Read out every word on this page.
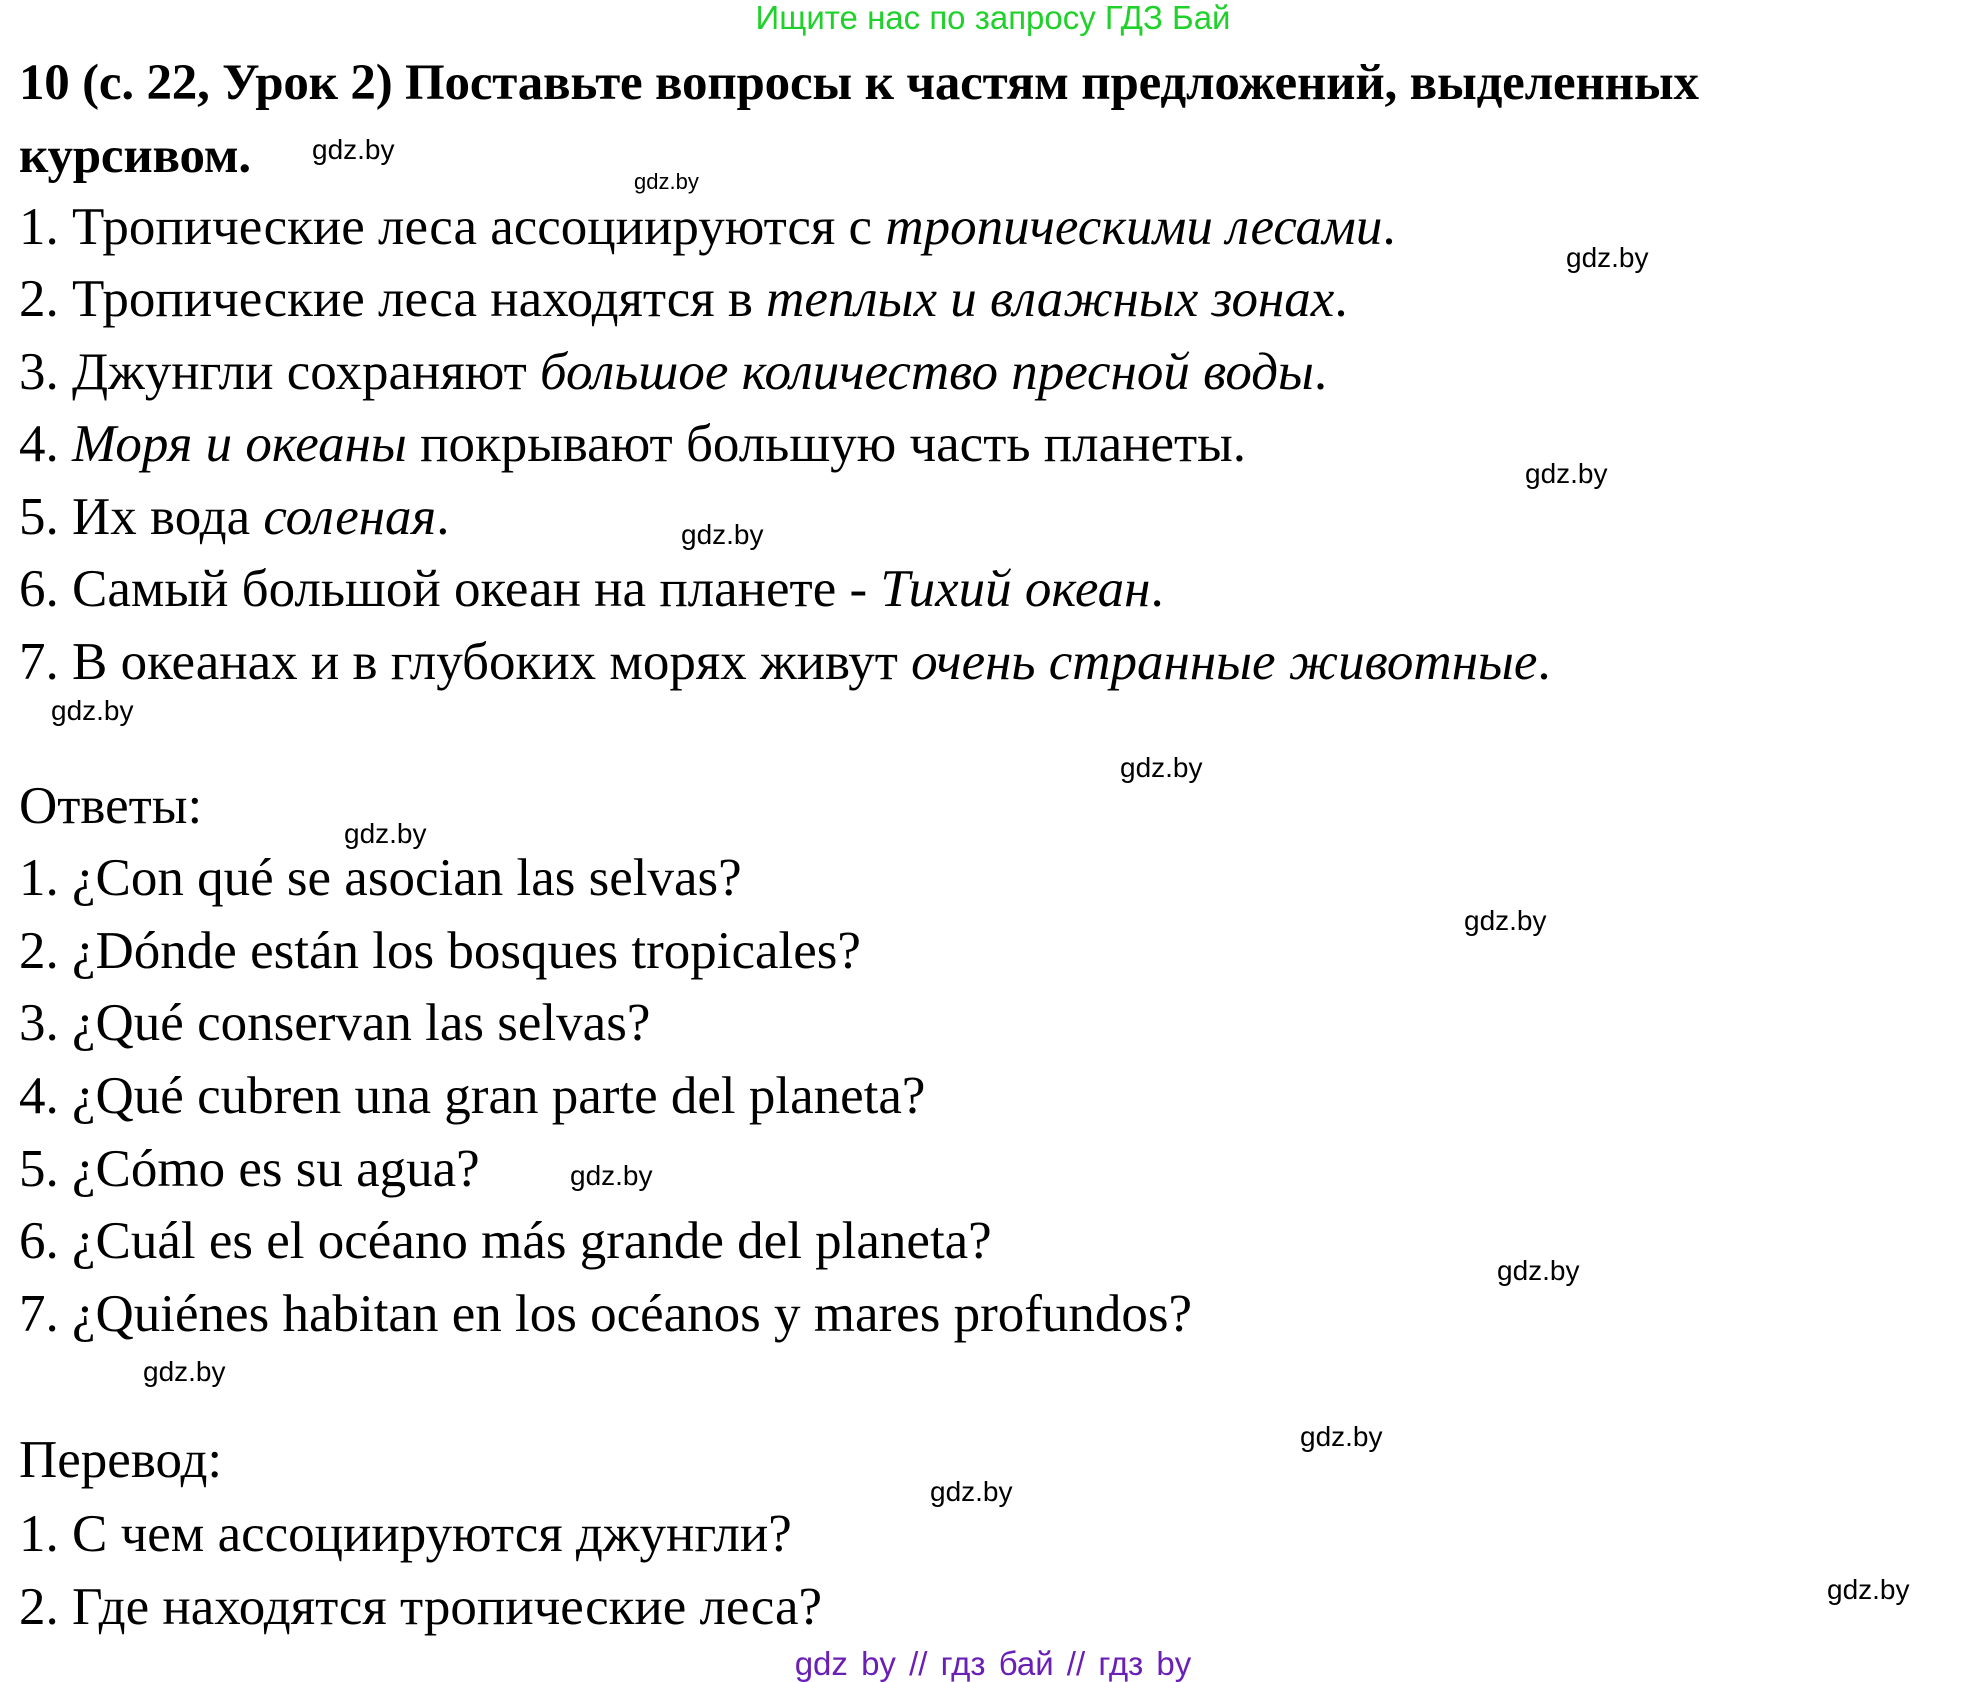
Ищите нас по запросу ГДЗ Бай
10 (с. 22, Урок 2) Поставьте вопросы к частям предложений, выделенных
курсивом.
1. Тропические леса ассоциируются с тропическими лесами.
2. Тропические леса находятся в теплых и влажных зонах.
3. Джунгли сохраняют большое количество пресной воды.
4. Моря и океаны покрывают большую часть планеты.
5. Их вода соленая.
6. Самый большой океан на планете - Тихий океан.
7. В океанах и в глубоких морях живут очень странные животные.
Ответы:
1. ¿Con qué se asocian las selvas?
2. ¿Dónde están los bosques tropicales?
3. ¿Qué conservan las selvas?
4. ¿Qué cubren una gran parte del planeta?
5. ¿Cómo es su agua?
6. ¿Cuál es el océano más grande del planeta?
7. ¿Quiénes habitan en los océanos y mares profundos?
Перевод:
1. С чем ассоциируются джунгли?
2. Где находятся тропические леса?
gdz.by
gdz.by
gdz.by
gdz.by
gdz.by
gdz.by
gdz.by
gdz.by
gdz.by
gdz.by
gdz.by
gdz.by
gdz.by
gdz.by
gdz.by
gdz by // гдз бай // гдз by
